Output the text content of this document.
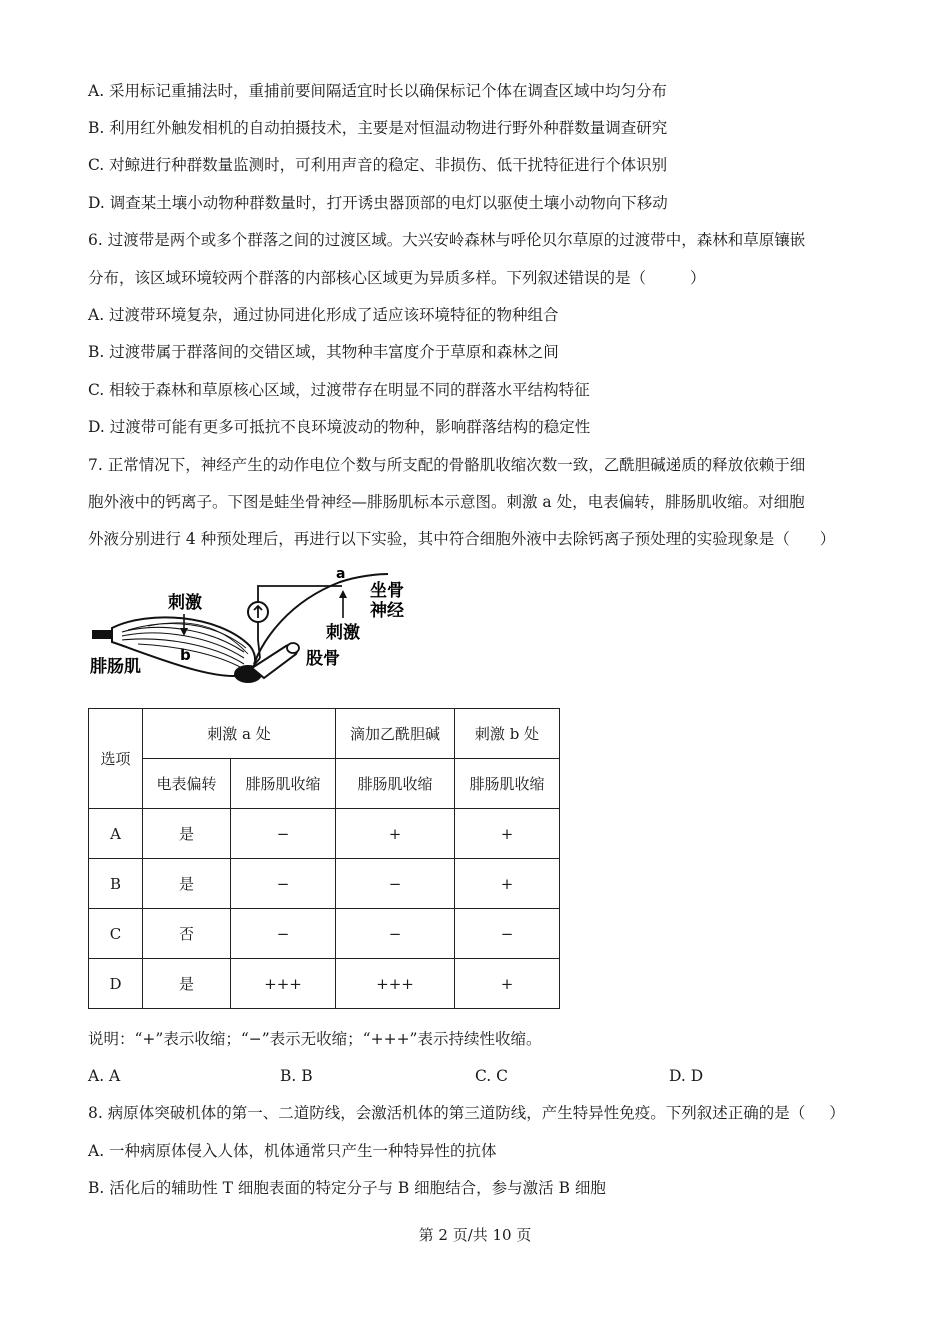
A. 采用标记重捕法时，重捕前要间隔适宜时长以确保标记个体在调查区域中均匀分布
B. 利用红外触发相机的自动拍摄技术，主要是对恒温动物进行野外种群数量调查研究
C. 对鲸进行种群数量监测时，可利用声音的稳定、非损伤、低干扰特征进行个体识别
D. 调查某土壤小动物种群数量时，打开诱虫器顶部的电灯以驱使土壤小动物向下移动
6. 过渡带是两个或多个群落之间的过渡区域。大兴安岭森林与呼伦贝尔草原的过渡带中，森林和草原镶嵌
分布，该区域环境较两个群落的内部核心区域更为异质多样。下列叙述错误的是（	）
A. 过渡带环境复杂，通过协同进化形成了适应该环境特征的物种组合
B. 过渡带属于群落间的交错区域，其物种丰富度介于草原和森林之间
C. 相较于森林和草原核心区域，过渡带存在明显不同的群落水平结构特征
D. 过渡带可能有更多可抵抗不良环境波动的物种，影响群落结构的稳定性
7. 正常情况下，神经产生的动作电位个数与所支配的骨骼肌收缩次数一致，乙酰胆碱递质的释放依赖于细
胞外液中的钙离子。下图是蛙坐骨神经—腓肠肌标本示意图。刺激 a 处，电表偏转，腓肠肌收缩。对细胞
外液分别进行 4 种预处理后，再进行以下实验，其中符合细胞外液中去除钙离子预处理的实验现象是（ ）
刺激
b
腓肠肌
a
坐骨
神经
刺激
股骨
选项	刺激 a 处		滴加乙酰胆碱	刺激 b 处
	电表偏转	腓肠肌收缩	腓肠肌收缩	腓肠肌收缩
A	是	−	+	+
B	是	−	−	+
C	否	−	−	−
D	是	+++	+++	+
说明：“+”表示收缩；“−”表示无收缩；“+++”表示持续性收缩。
A. A	B. B	C. C	D. D
8. 病原体突破机体的第一、二道防线，会激活机体的第三道防线，产生特异性免疫。下列叙述正确的是（ ）
A. 一种病原体侵入人体，机体通常只产生一种特异性的抗体
B. 活化后的辅助性 T 细胞表面的特定分子与 B 细胞结合，参与激活 B 细胞
第 2 页/共 10 页
